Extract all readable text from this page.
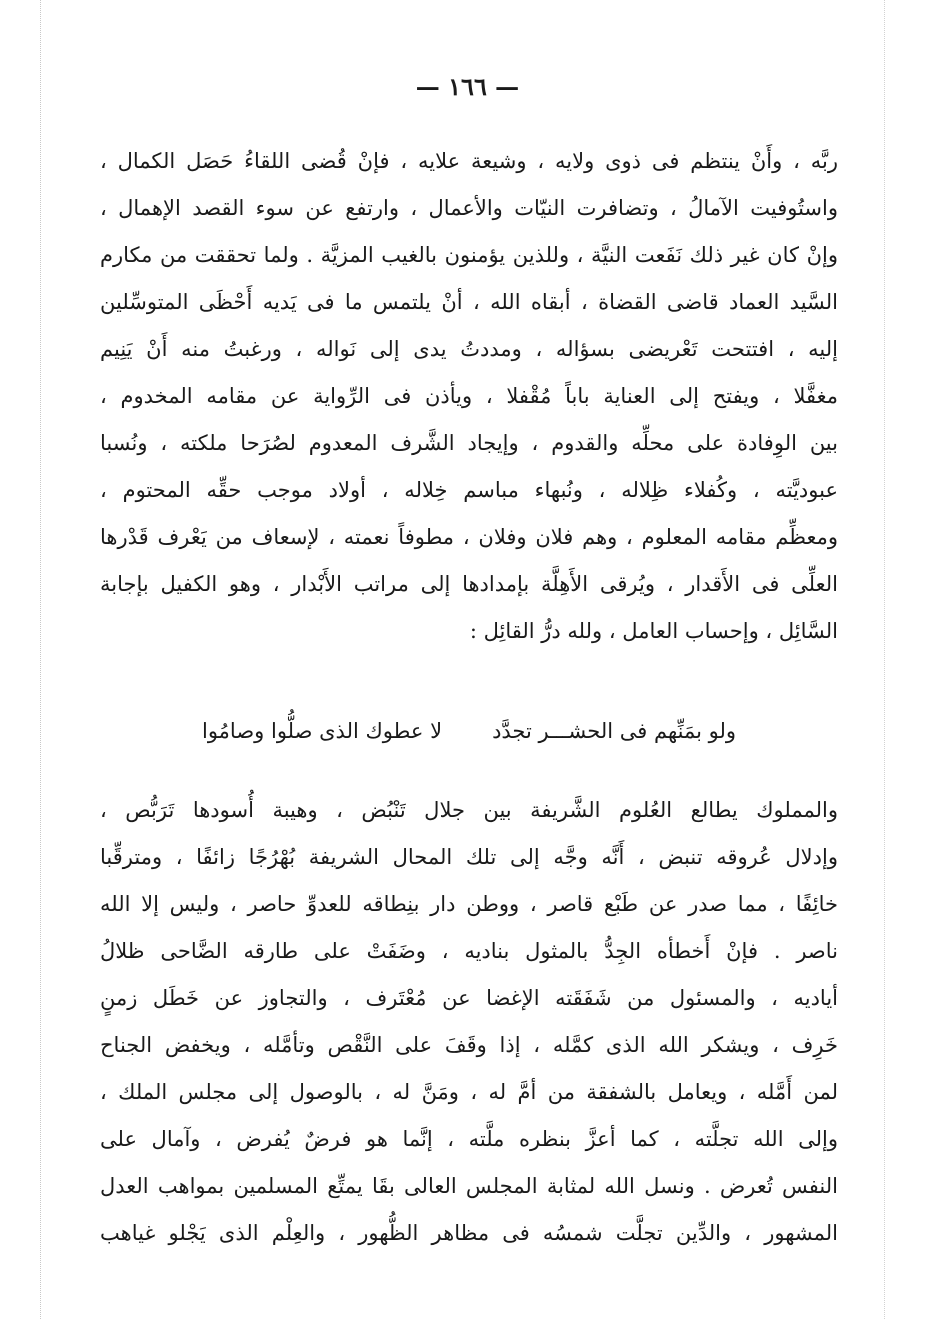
— ١٦٦ —
ربَّه ، وأَنْ ينتظم فى ذوى ولايه ، وشيعة علايه ، فإنْ قُضى اللقاءُ حَصَل الكمال ،
واستُوفيت الآمالُ ، وتضافرت النيّات والأعمال ، وارتفع عن سوء القصد الإهمال ،
وإنْ كان غير ذلك نَفَعت النيَّة ، وللذين يؤمنون بالغيب المزيَّة . ولما تحققت من مكارم
السَّيد العماد قاضى القضاة ، أبقاه الله ، أنْ يلتمس ما فى يَديه أَحْظَى المتوسِّلين
إليه ، افتتحت تَعْريضى بسؤاله ، ومددتُ يدى إلى نَواله ، ورغبتُ منه أَنْ يَنِيم
مغفَّلا ، ويفتح إلى العناية باباً مُقْفلا ، ويأذن فى الرِّواية عن مقامه المخدوم ،
بين الوِفادة على محلِّه والقدوم ، وإيجاد الشَّرف المعدوم لصُرَحا ملكته ، ونُسبا
عبوديَّته ، وكُفلاء ظِلاله ، ونُبهاء مباسم خِلاله ، أولاد موجب حقِّه المحتوم ،
ومعظِّم مقامه المعلوم ، وهم فلان وفلان ، مطوفاً نعمته ، لإسعاف من يَعْرف قَدْرها
العلِّى فى الأَقدار ، ويُرقى الأَهِلَّة بإمدادها إلى مراتب الأَبْدار ، وهو الكفيل بإجابة
السَّائِل ، وإحساب العامل ، ولله درُّ القائِل :
ولو بمَنِّهم فى الحشـــر تجدَّد
لا عطوك الذى صلُّوا وصامُوا
والمملوك يطالع العُلوم الشَّريفة بين جلال تَنْبُض ، وهيبة أُسودها تَرَبُّص ،
وإدلال عُروقه تنبض ، أَنَّه وجَّه إلى تلك المحال الشريفة بُهْرُجًا زائفًا ، ومترقِّبا
خائِفًا ، مما صدر عن طَبْع قاصر ، ووطن دار بنِطاقه للعدوِّ حاصر ، وليس إلا الله
ناصر . فإنْ أَخطأه الجِدُّ بالمثول بناديه ، وضَفَتْ على طارقه الضَّاحى ظلالُ
أياديه ، والمسئول من شَفَقَته الإغضا عن مُعْتَرف ، والتجاوز عن خَطَل زمنٍ
خَرِف ، ويشكر الله الذى كمَّله ، إذا وقَفَ على النَّقْص وتأمَّله ، ويخفض الجناح
لمن أَمَّله ، ويعامل بالشفقة من أمَّ له ، ومَنَّ له ، بالوصول إلى مجلس الملك ،
وإلى الله تجلَّته ، كما أعزَّ بنظره ملَّته ، إنَّما هو فرضٌ يُفرض ، وآمال على
النفس تُعرض . ونسل الله لمثابة المجلس العالى بقَا يمتِّع المسلمين بمواهب العدل
المشهور ، والدِّين تجلَّت شمسُه فى مظاهر الظُّهور ، والعِلْم الذى يَجْلو غياهب
